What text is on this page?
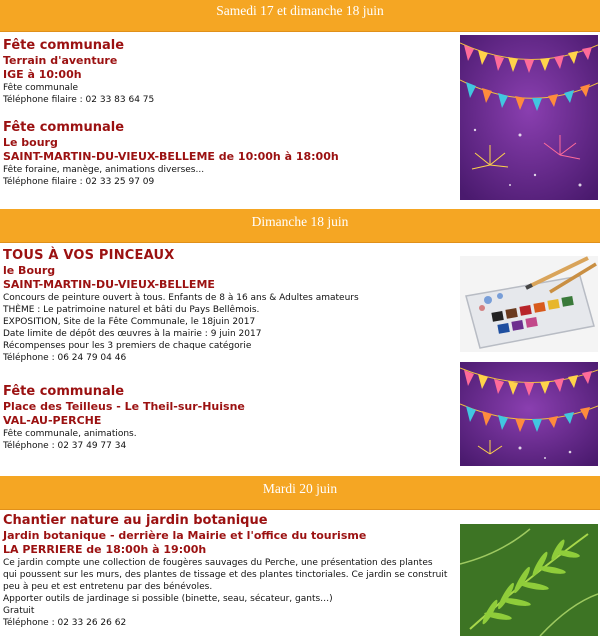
Samedi 17 et dimanche 18 juin
Fête communale
Terrain d'aventure
IGE à 10:00h
Fête communale
Téléphone filaire : 02 33 83 64 75
Fête communale
Le bourg
SAINT-MARTIN-DU-VIEUX-BELLEME de 10:00h à 18:00h
Fête foraine, manège, animations diverses...
Téléphone filaire : 02 33 25 97 09
Dimanche 18 juin
TOUS À VOS PINCEAUX
le Bourg
SAINT-MARTIN-DU-VIEUX-BELLEME
Concours de peinture ouvert à tous. Enfants de 8 à 16 ans & Adultes amateurs
THÈME : Le patrimoine naturel et bâti du Pays Bellêmois.
EXPOSITION, Site de la Fête Communale, le 18juin 2017
Date limite de dépôt des œuvres à la mairie : 9 juin 2017
Récompenses pour les 3 premiers de chaque catégorie
Téléphone : 06 24 79 04 46
Fête communale
Place des Teilleus - Le Theil-sur-Huisne
VAL-AU-PERCHE
Fête communale, animations.
Téléphone : 02 37 49 77 34
Mardi 20 juin
Chantier nature au jardin botanique
Jardin botanique - derrière la Mairie et l'office du tourisme
LA PERRIERE de 18:00h à 19:00h
Ce jardin compte une collection de fougères sauvages du Perche, une présentation des plantes
qui poussent sur les murs, des plantes de tissage et des plantes tinctoriales. Ce jardin se construit
peu à peu et est entretenu par des bénévoles.
Apporter outils de jardinage si possible (binette, seau, sécateur, gants…)
Gratuit
Téléphone : 02 33 26 26 62
